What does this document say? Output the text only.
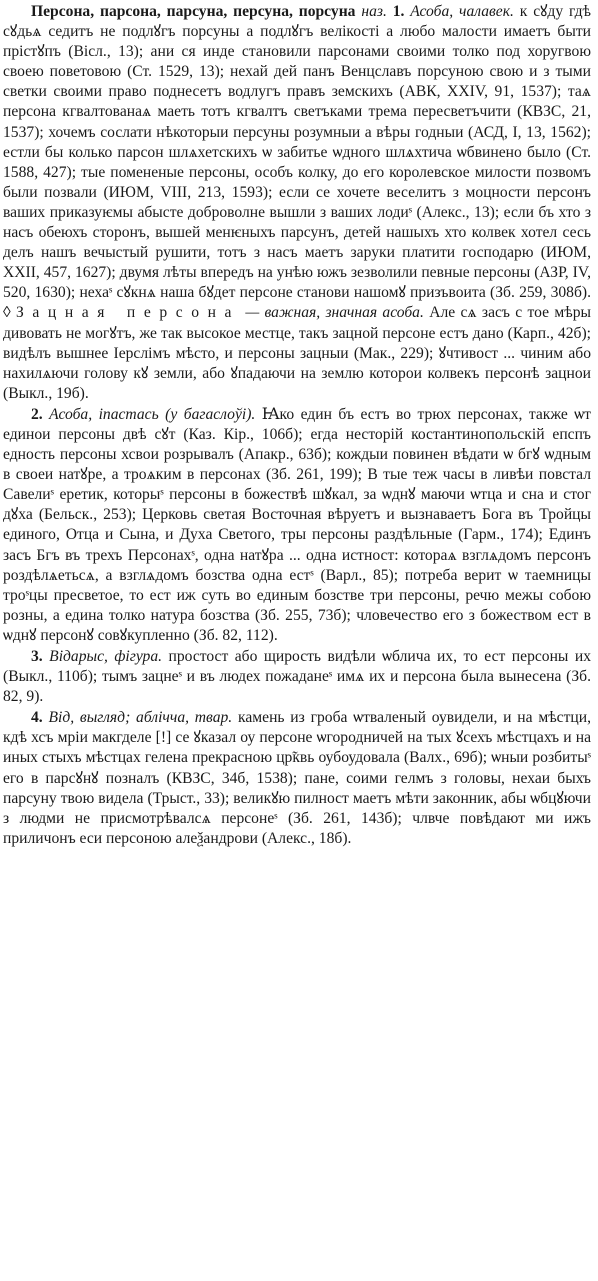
Персона, парсона, парсуна, персуна, порсуна наз. 1. Асоба, чалавек. к сꙋду гдѣ сꙋдьѧ седитъ не подлꙋгъ порсуны а подлꙋгъ велікості а любо малости имаетъ быти прістꙋпъ (Вісл., 13); ани ся инде становили парсонами своими толко под хоругвою своею поветовою (Ст. 1529, 13); нехай дей панъ Венцславъ порсуною свою и з тыми светки своими право поднесетъ водлугъ правъ земскихъ (АВК, XXIV, 91, 1537); таѧ персона кгвалтованаѧ маеть тотъ кгвалтъ светъками трема пересветъчити (КВЗС, 21, 1537); хочемъ сослати нѣкоторыи персуны розумныи а вѣры годныи (АСД, I, 13, 1562); естли бы колько парсон шлѧхетскихъ ѡ забитье ѡдного шлѧхтича ѡбвинено было (Ст. 1588, 427); тые помененые персоны, особъ колку, до его королевское милости позвомъ были позвали (ИЮМ, VIII, 213, 1593); если се хочете веселитъ з моцности персонъ ваших приказуѥмы абысте доброволне вышли з ваших лодиˢ (Алекс., 13); если бъ хто з насъ обеюхъ сторонъ, вышей менѥныхъ парсунъ, детей нашыхъ хто колвек хотел сесь делъ нашъ вечыстый рушити, тотъ з насъ маетъ заруки платити господарю (ИЮМ, XXII, 457, 1627); двумя лѣты впередъ на унѣю южъ зезволили певные персоны (АЗР, IV, 520, 1630); нехаˢ сꙋкнѧ наша бꙋдет персоне станови нашомꙋ призъвоита (Зб. 259, 308б). ◊ Зацная персона — важная, значная асоба. Але сѧ засъ с тое мѣры дивовать не могꙋтъ, же так высокое местце, такъ зацной персоне естъ дано (Карп., 42б); видѣлъ вышнее Іерслімъ мѣсто, и персоны зацныи (Мак., 229); ꙋчтивост ... чиним або нахилѧючи голову кꙋ земли, або ꙋпадаючи на землю которои колвекъ персонѣ зацнои (Выкл., 19б).

2. Асоба, іпастась (у багаслоўі). Ꙗко един бъ естъ во трюх персонах, также ѡт единои персоны двѣ сꙋт (Каз. Кір., 106б); егда несторій костантинопольскій епспъ едность персоны хсвои розрывалъ (Апакр., 63б); кождыи повинен вѣдати ѡ бгꙋ ѡдным в своеи натꙋре, а троѧким в персонах (Зб. 261, 199); В тые теж часы в ливѣи повстал Савелиˢ еретик, которыˢ персоны в божествѣ шꙋкал, за ѡднꙋ маючи ѡтца и сна и стог дꙋха (Бельск., 253); Церковь светая Восточная вѣруетъ и вызнаваетъ Бога въ Тройцы единого, Отца и Сына, и Духа Светого, тры персоны раздѣльные (Гарм., 174); Единъ засъ Бгъ въ трехъ Персонахˢ, одна натꙋра ... одна истност: котораѧ взглѧдомъ персонъ роздѣлѧетьсѧ, а взглѧдомъ бозства одна естˢ (Варл., 85); потреба верит ѡ таемницы троˢцы пресветое, то ест иж суть во единым бозстве три персоны, речю межы собою розны, а едина толко натура бозства (Зб. 255, 73б); чловечество его з божеством ест в ѡднꙋ персонꙋ совꙋкупленно (Зб. 82, 112).

3. Вiдарыс, фігура. простост або щирость видѣли ѡблича их, то ест персоны их (Выкл., 110б); тымъ зацнеˢ и въ людех пожаданеˢ имѧ их и персона была вынесена (Зб. 82, 9).

4. Від, выгляд; аблічча, твар. камень из гроба ѡтваленый оувидели, и на мѣстци, кдѣ хсъ мріи макгделе [!] се ꙋказал оу персоне ѡгородничей на тых ꙋсехъ мѣстцахъ и на иных стыхъ мѣстцах гелена прекрасною цр̃квь оубоудовала (Валх., 69б); ѡныи розбитыˢ его в парсꙋнꙋ позналъ (КВЗС, 34б, 1538); пане, соими гелмъ з головы, нехаи быхъ парсуну твою видела (Трыст., 33); великꙋю пилност маетъ мѣти законник, абы ѡбцꙋючи з людми не присмотрѣвалсѧ персонеˢ (Зб. 261, 143б); члвче повѣдают ми ижъ приличонъ еси персоною алеѯандрови (Алекс., 18б).
